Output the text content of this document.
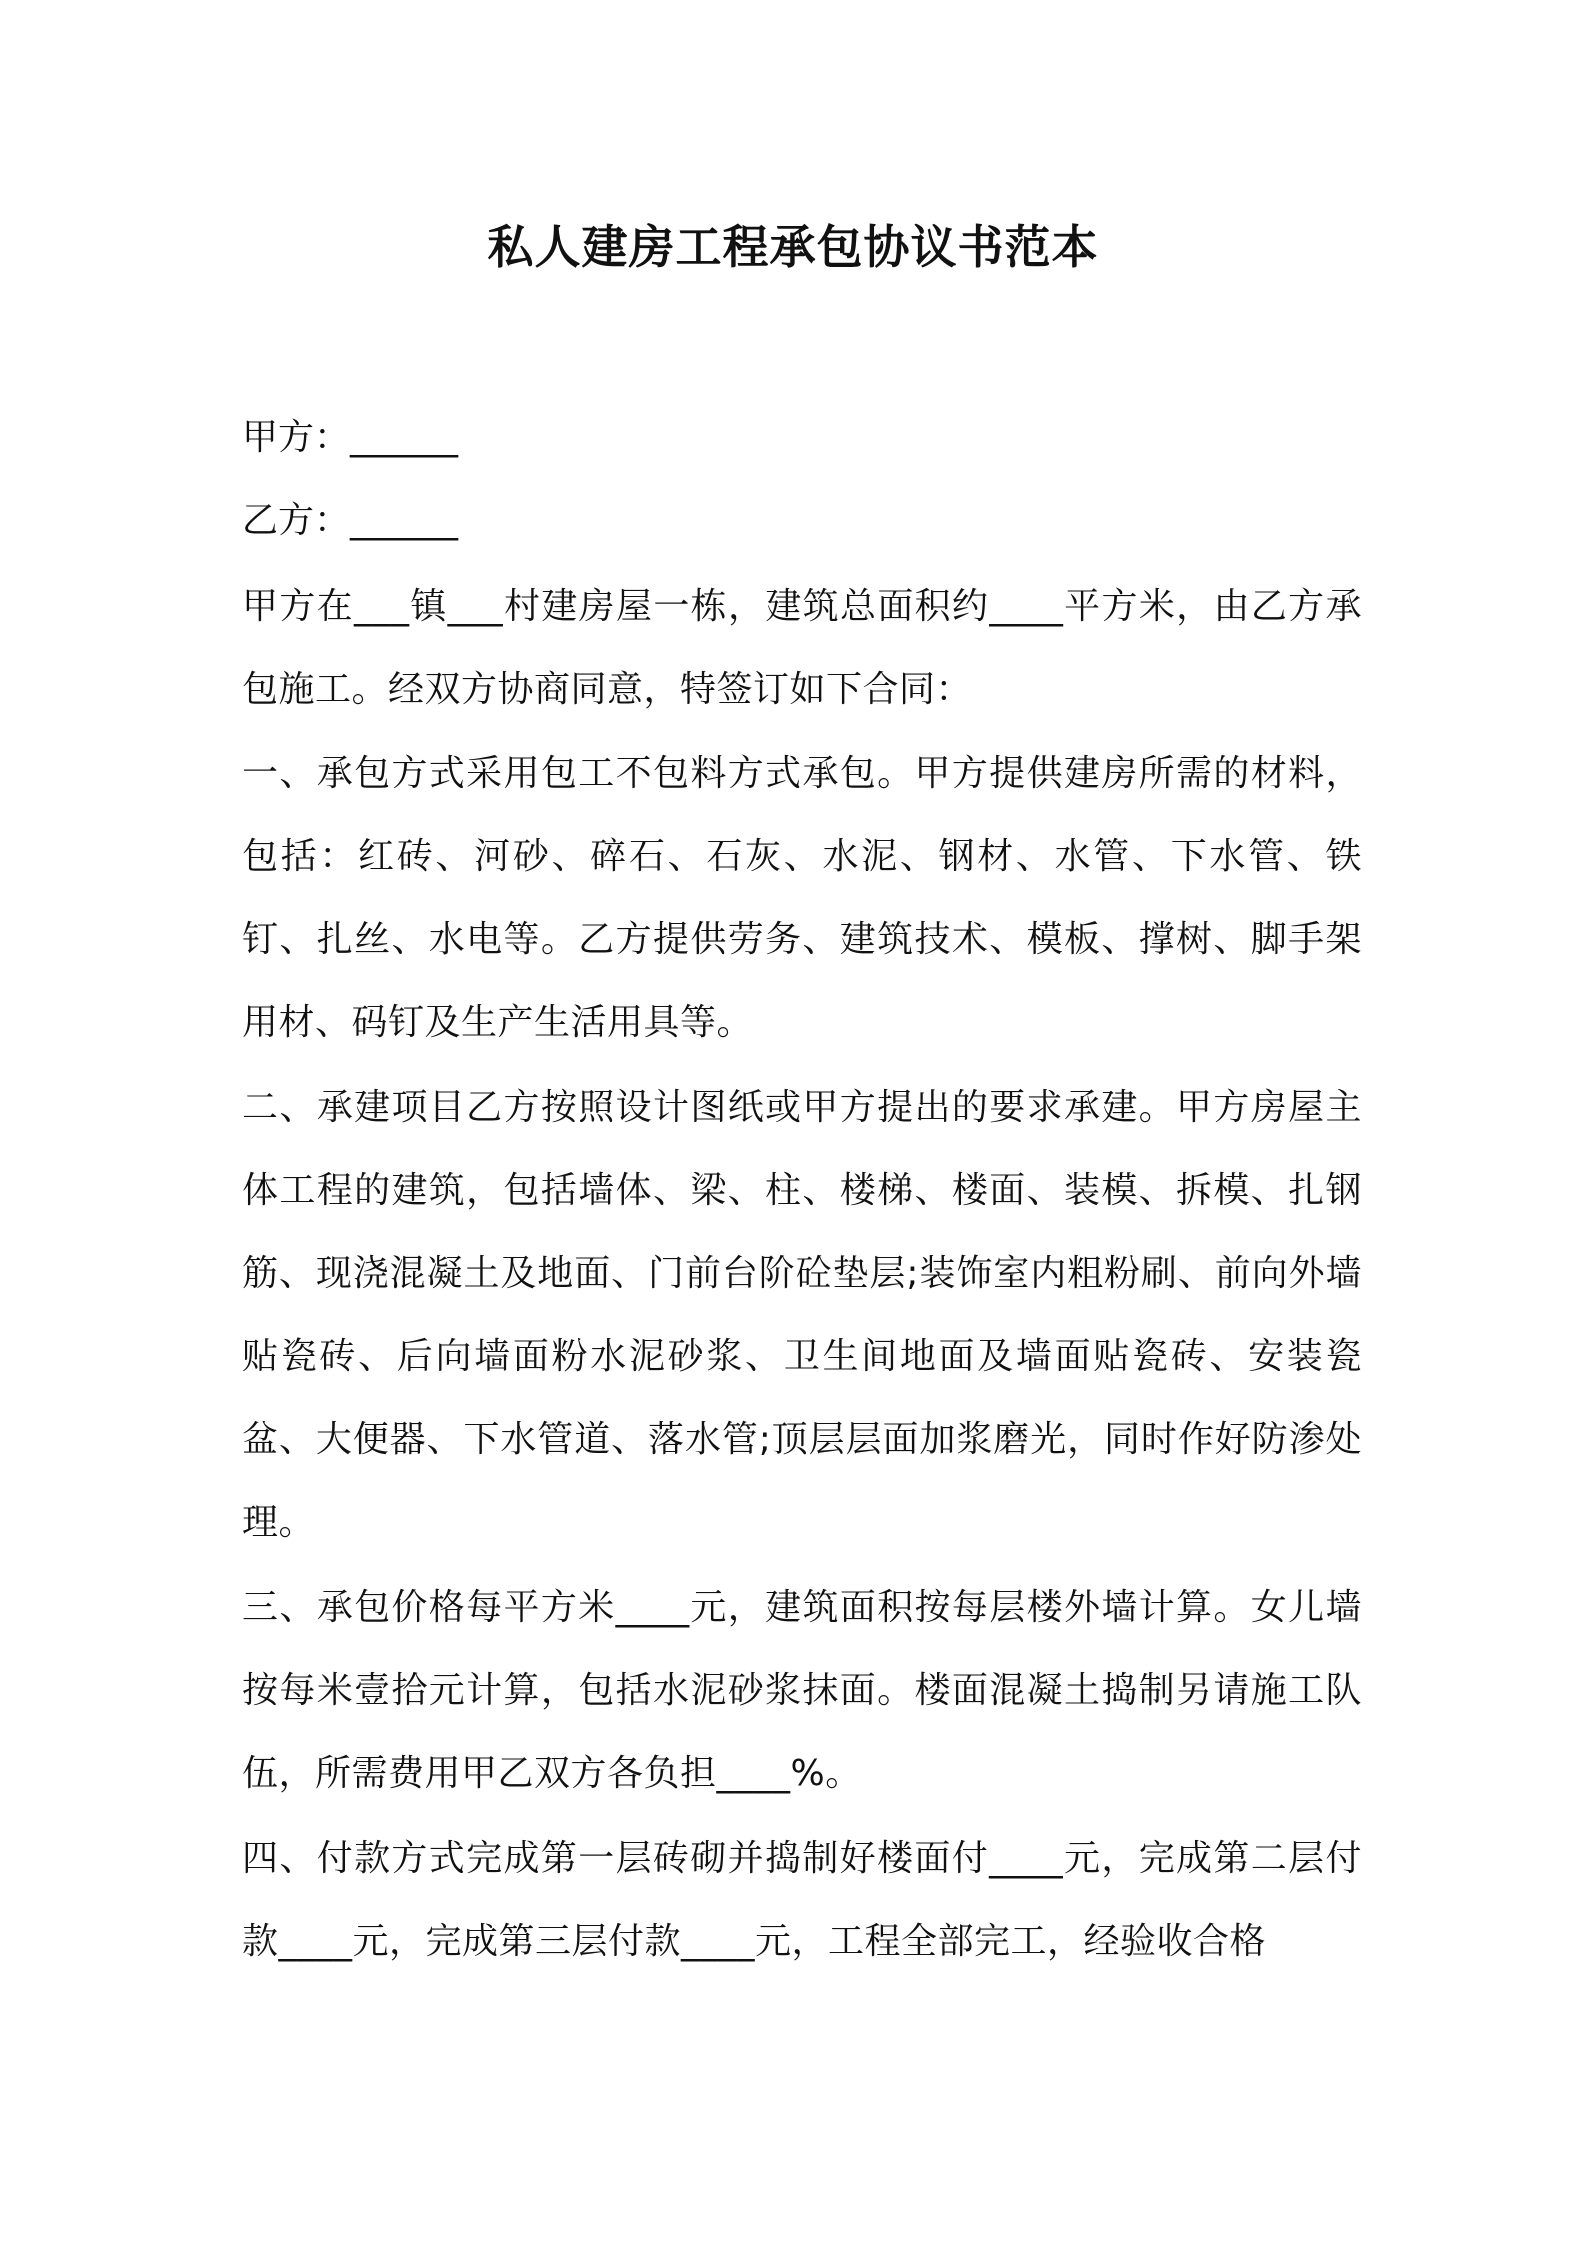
私人建房工程承包协议书范本
甲方：______
乙方：______

甲方在___镇___村建房屋一栋，建筑总面积约____平方米，由乙方承包施工。经双方协商同意，特签订如下合同：

一、承包方式采用包工不包料方式承包。甲方提供建房所需的材料，包括：红砖、河砂、碎石、石灰、水泥、钢材、水管、下水管、铁钉、扎丝、水电等。乙方提供劳务、建筑技术、模板、撑树、脚手架用材、码钉及生产生活用具等。

二、承建项目乙方按照设计图纸或甲方提出的要求承建。甲方房屋主体工程的建筑，包括墙体、梁、柱、楼梯、楼面、装模、拆模、扎钢筋、现浇混凝土及地面、门前台阶砼垫层;装饰室内粗粉刷、前向外墙贴瓷砖、后向墙面粉水泥砂浆、卫生间地面及墙面贴瓷砖、安装瓷盆、大便器、下水管道、落水管;顶层层面加浆磨光，同时作好防渗处理。

三、承包价格每平方米____元，建筑面积按每层楼外墙计算。女儿墙按每米壹拾元计算，包括水泥砂浆抹面。楼面混凝土捣制另请施工队伍，所需费用甲乙双方各负担____%。

四、付款方式完成第一层砖砌并捣制好楼面付____元，完成第二层付款____元，完成第三层付款____元，工程全部完工，经验收合格
